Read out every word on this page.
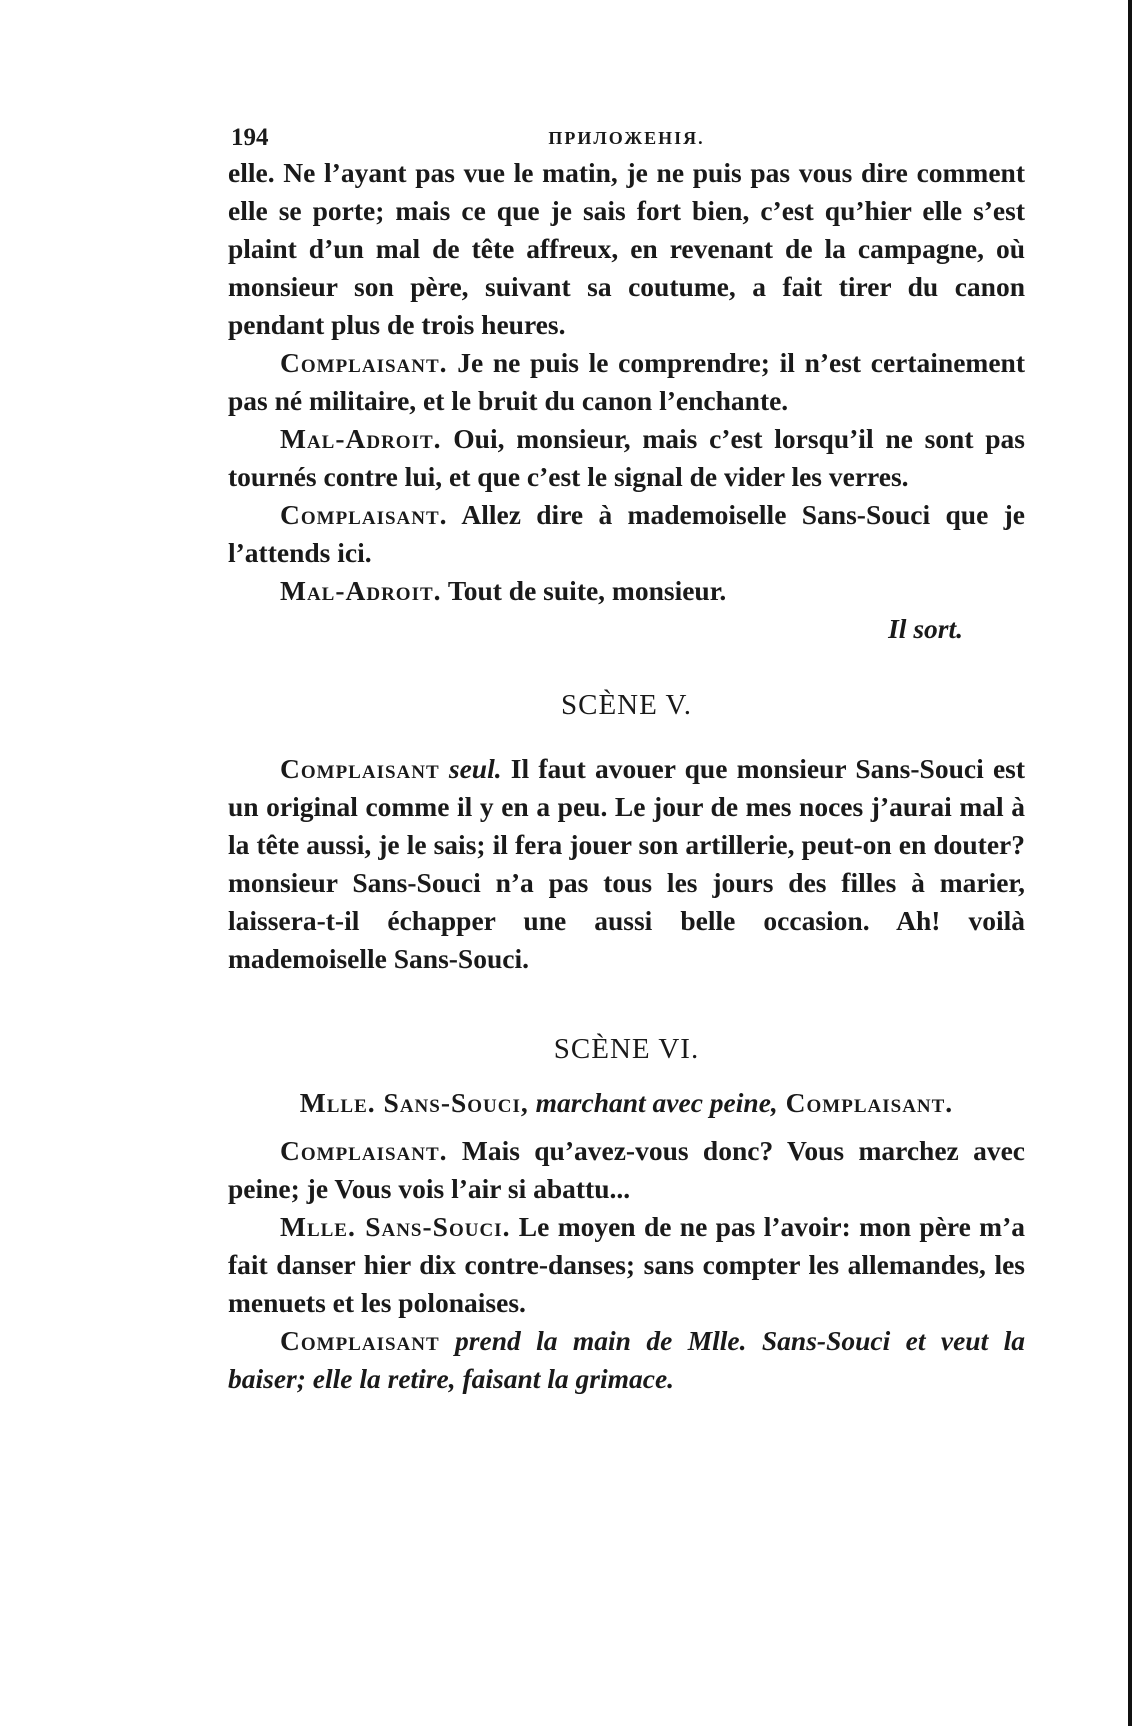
194	ПРИЛОЖЕНIЯ.

elle. Ne l’ayant pas vue le matin, je ne puis pas vous dire comment elle se porte; mais ce que je sais fort bien, c’est qu’hier elle s’est plaint d’un mal de tête affreux, en revenant de la campagne, où monsieur son père, suivant sa coutume, a fait tirer du canon pendant plus de trois heures.

Complaisant. Je ne puis le comprendre; il n’est certainement pas né militaire, et le bruit du canon l’enchante.

Mal-Adroit. Oui, monsieur, mais c’est lorsqu’il ne sont pas tournés contre lui, et que c’est le signal de vider les verres.

Complaisant. Allez dire à mademoiselle Sans-Souci que je l’attends ici.

Mal-Adroit. Tout de suite, monsieur.

Il sort.

SCÈNE V.

Complaisant seul. Il faut avouer que monsieur Sans-Souci est un original comme il y en a peu. Le jour de mes noces j’aurai mal à la tête aussi, je le sais; il fera jouer son artillerie, peut-on en douter? monsieur Sans-Souci n’a pas tous les jours des filles à marier, laissera-t-il échapper une aussi belle occasion. Ah! voilà mademoiselle Sans-Souci.

SCÈNE VI.

Mlle. Sans-Souci, marchant avec peine, Complaisant.

Complaisant. Mais qu’avez-vous donc? Vous marchez avec peine; je Vous vois l’air si abattu...

Mlle. Sans-Souci. Le moyen de ne pas l’avoir: mon père m’a fait danser hier dix contre-danses; sans compter les allemandes, les menuets et les polonaises.

Complaisant prend la main de Mlle. Sans-Souci et veut la baiser; elle la retire, faisant la grimace.
